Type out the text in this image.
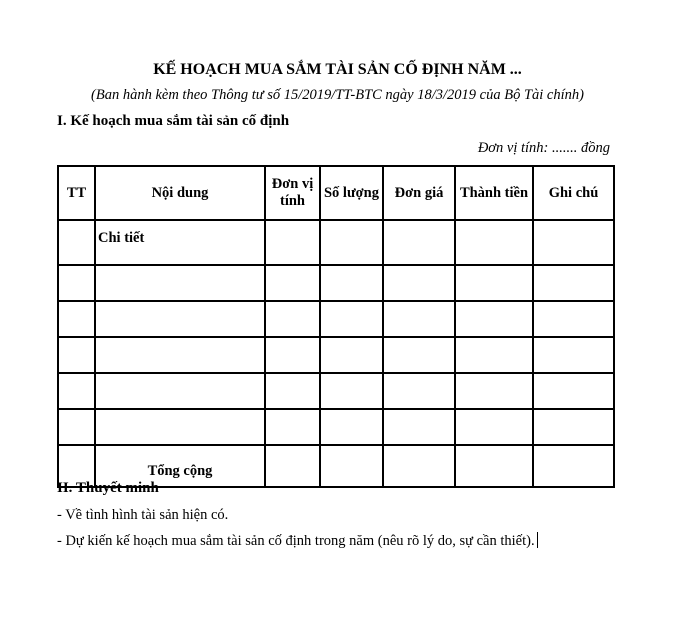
KẾ HOẠCH MUA SẮM TÀI SẢN CỐ ĐỊNH NĂM ...
(Ban hành kèm theo Thông tư số 15/2019/TT-BTC ngày 18/3/2019 của Bộ Tài chính)
I. Kế hoạch mua sắm tài sản cố định
Đơn vị tính: ....... đồng
TT	Nội dung	Đơn vị tính	Số lượng	Đơn giá	Thành tiền	Ghi chú
	Chi tiết					

	Tổng cộng					
II. Thuyết minh
- Về tình hình tài sản hiện có.
- Dự kiến kế hoạch mua sắm tài sản cố định trong năm (nêu rõ lý do, sự cần thiết).
